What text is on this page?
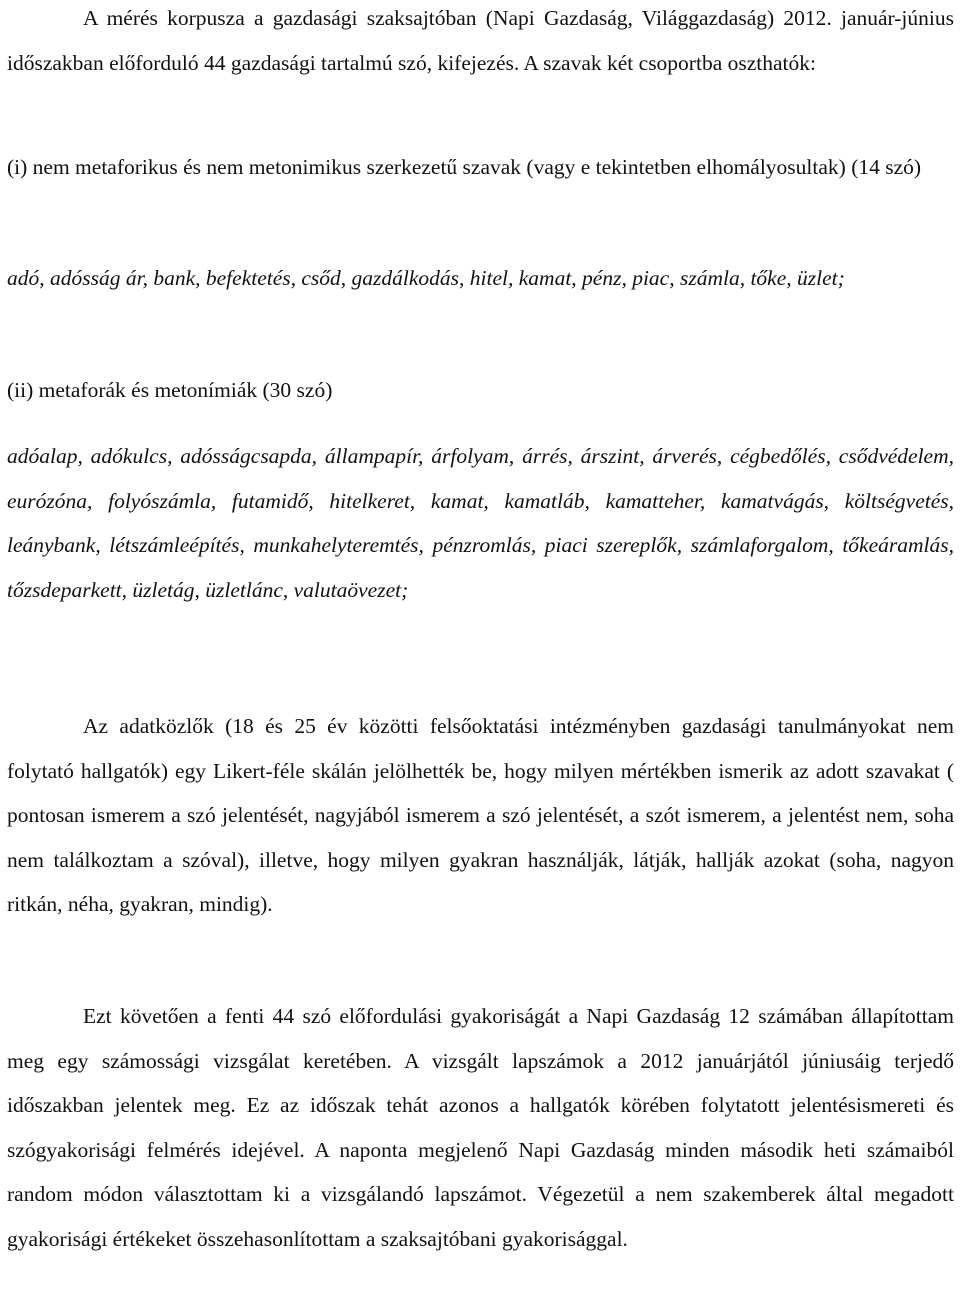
A mérés korpusza a gazdasági szaksajtóban (Napi Gazdaság, Világgazdaság) 2012. január-június időszakban előforduló 44 gazdasági tartalmú szó, kifejezés. A szavak két csoportba oszthatók:

(i) nem metaforikus és nem metonimikus szerkezetű szavak (vagy e tekintetben elhomályosultak) (14 szó)

adó, adósság ár, bank, befektetés, csőd, gazdálkodás, hitel, kamat, pénz, piac, számla, tőke, üzlet;

(ii) metaforák és metonímiák (30 szó)

adóalap, adókulcs, adósságcsapda, állampapír, árfolyam, árrés, árszint, árverés, cégbedőlés, csődvédelem, eurózóna, folyószámla, futamidő, hitelkeret, kamat, kamatláb, kamatteher, kamatvágás, költségvetés, leánybank, létszámleépítés, munkahelyteremtés, pénzromlás, piaci szereplők, számlaforgalom, tőkeáramlás, tőzsdeparkett, üzletág, üzletlánc, valutaövezet;

Az adatközlők (18 és 25 év közötti felsőoktatási intézményben gazdasági tanulmányokat nem folytató hallgatók) egy Likert-féle skálán jelölhették be, hogy milyen mértékben ismerik az adott szavakat ( pontosan ismerem a szó jelentését, nagyjából ismerem a szó jelentését, a szót ismerem, a jelentést nem, soha nem találkoztam a szóval), illetve, hogy milyen gyakran használják, látják, hallják azokat (soha, nagyon ritkán, néha, gyakran, mindig).

Ezt követően a fenti 44 szó előfordulási gyakoriságát a Napi Gazdaság 12 számában állapítottam meg egy számossági vizsgálat keretében. A vizsgált lapszámok a 2012 januárjától júniusáig terjedő időszakban jelentek meg. Ez az időszak tehát azonos a hallgatók körében folytatott jelentésismereti és szógyakorisági felmérés idejével. A naponta megjelenő Napi Gazdaság minden második heti számaiból random módon választottam ki a vizsgálandó lapszámot. Végezetül a nem szakemberek által megadott gyakorisági értékeket összehasonlítottam a szaksajtóbani gyakorisággal.
